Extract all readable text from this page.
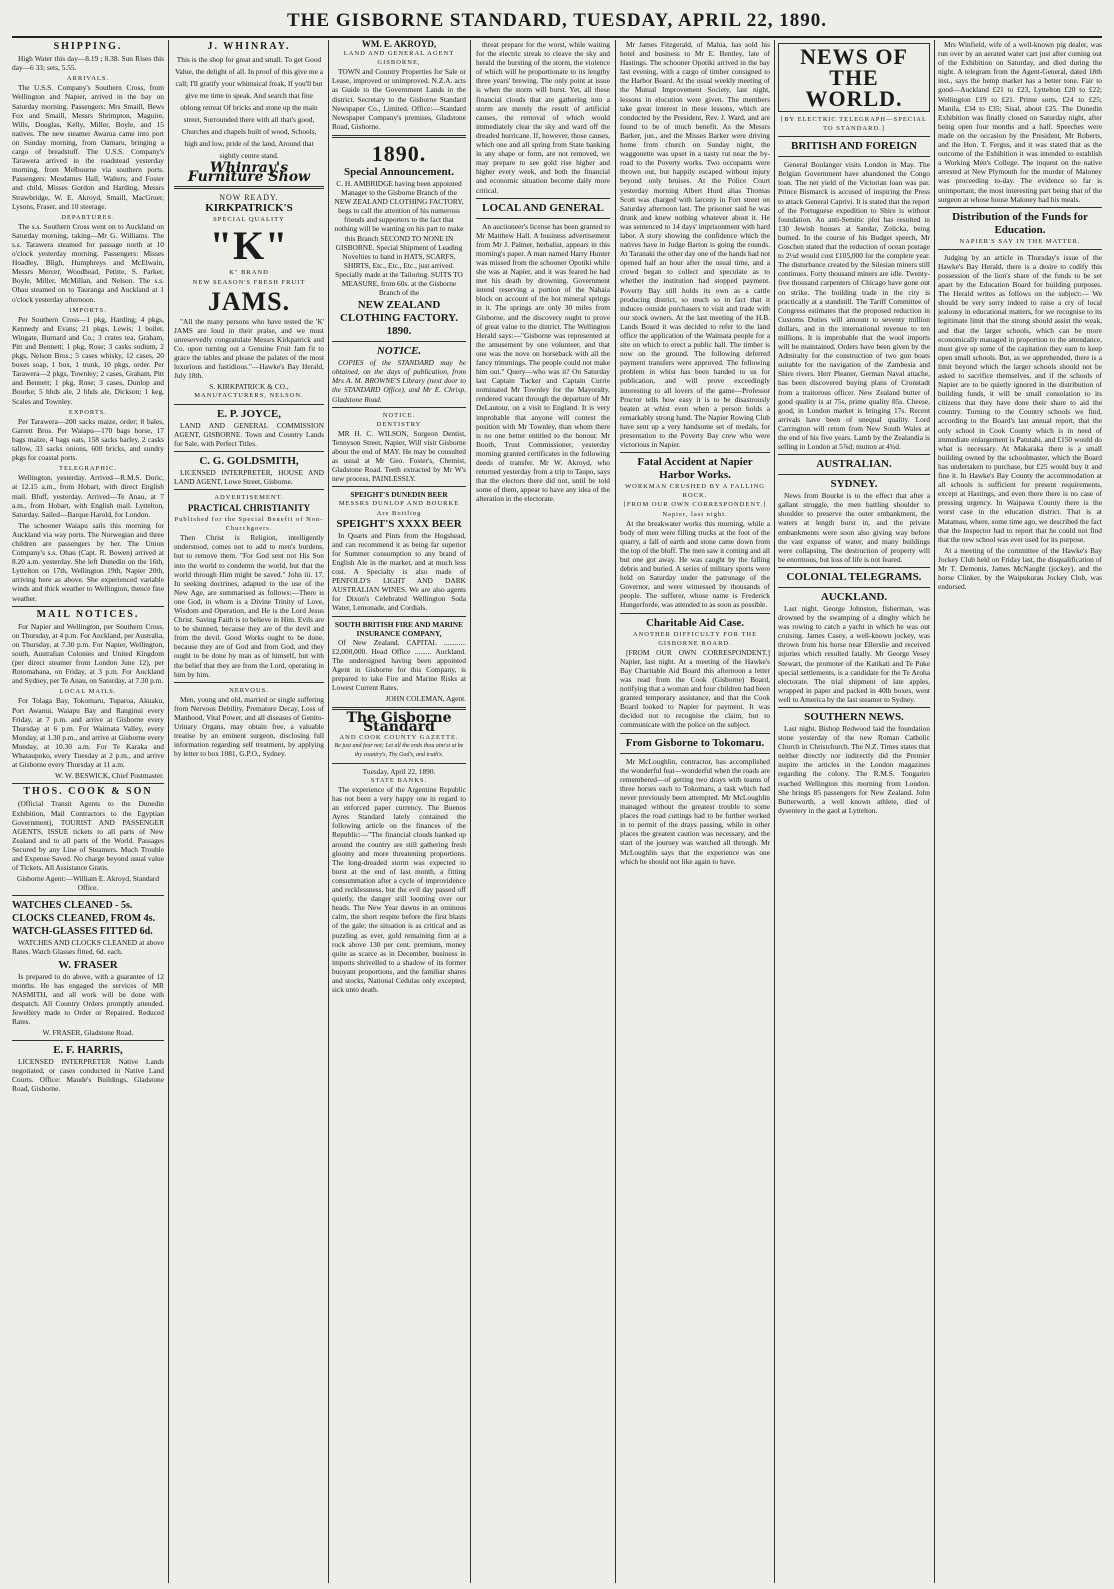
THE GISBORNE STANDARD, TUESDAY, APRIL 22, 1890.
SHIPPING.

High Water this day—8.19 ; 8.38. Sun Rises this day—6 33; sets, 5.55.

ARRIVALS.

The U.S.S. Company's Southern Cross, from Wellington and Napier, arrived in the bay on Saturday morning. Passengers: Mrs Smaill, Bews Fox and Smaill, Messrs Shrimpton, Maguire, Wills, Douglas, Kelly, Miller, Boyle, and 15 natives. The new steamer Awarua came into port on Sunday morning, from Oamaru, bringing a cargo of breadstuff. The U.S.S. Company's Tarawera arrived in the roadstead yesterday morning, from Melbourne via southern ports. Passengers: Mesdames Hall, Walters, and Foster and child, Misses Gordon and Harding, Messrs Strawbridge, W. E. Akroyd, Smaill, MacGruer, Lysons, Fraser, and 10 steerage.

DEPARTURES.

The s.s. Southern Cross went on to Auckland on Saturday morning, taking—Mr G. Williams. The s.s. Tarawera steamed for passage north at 10 o'clock yesterday morning. Passengers: Misses Hoadley, Bligh, Humphreys and McElwain, Messrs Mercer, Woodhead, Petitte, S. Parker, Boyle, Miller, McMillan, and Nelson. The s.s. Ohau steamed on to Tauranga and Auckland at 1 o'clock yesterday afternoon.

IMPORTS.

Per Southern Cross—1 pkg, Harding; 4 pkgs, Kennedy and Evans; 21 pkgs, Lewis; 1 boiler, Wingate, Burnard and Co.; 3 crates tea, Graham, Pitt and Bennett; 1 pkg, Rose; 3 casks sodium, 2 pkgs, Nelson Bros.; 5 cases whisky, 12 cases, 20 boxes soap, 1 box, 1 trunk, 10 pkgs, order. Per Tarawera—2 pkgs, Townley; 2 cases, Graham, Pitt and Bennett; 1 pkg, Rose; 3 cases, Dunlop and Bourke; 5 hhds ale, 2 hhds ale, Dickson; 1 keg, Scales and Townley.

EXPORTS.

Per Tarawera—200 sacks maize, order; 8 bales, Garrett Bros. Per Waiapu—170 bags horse, 17 bags maize, 4 bags oats, 158 sacks barley, 2 casks tallow, 33 sacks onions, 600 bricks, and sundry pkgs for coastal ports.

TELEGRAPHIC.

Wellington, yesterday. Arrived—R.M.S. Doric, at 12.15 a.m., from Hobart, with direct English mail. Bluff, yesterday. Arrived—Te Anau, at 7 a.m., from Hobart, with English mail. Lyttelton, Saturday. Sailed—Barque Harold, for London.

The schooner Waiapu sails this morning for Auckland via way ports. The Norwegian and three children are passengers by her. The Union Company's s.s. Ohau (Capt. R. Bowen) arrived at 8.20 a.m. yesterday. She left Dunedin on the 16th, Lyttelton on 17th, Wellington 19th, Napier 20th, arriving here as above. She experienced variable winds and thick weather to Wellington, thence fine weather.

MAIL NOTICES.

For Napier and Wellington, per Southern Cross, on Thursday, at 4 p.m. For Auckland, per Australia, on Thursday, at 7.30 p.m. For Napier, Wellington, south, Australian Colonies and United Kingdom (per direct steamer from London June 12), per Rotomahana, on Friday, at 3 p.m. For Auckland and Sydney, per Te Anau, on Saturday, at 7.30 p.m.

LOCAL MAILS.

For Tolaga Bay, Tokomaru, Tuparoa, Akuaku, Port Awanui, Waiapu Bay and Ranginui every Friday, at 7 p.m. and arrive at Gisborne every Thursday at 6 p.m. For Waimata Valley, every Monday, at 1.30 p.m., and arrive at Gisborne every Monday, at 10.30 a.m. For Te Karaka and Whataupoko, every Tuesday at 2 p.m., and arrive at Gisborne every Thursday at 11 a.m.

W. W. BESWICK, Chief Postmaster.
THOS. COOK & SON

(Official Transit Agents to the Dunedin Exhibition, Mail Contractors to the Egyptian Government), TOURIST AND PASSENGER AGENTS, ISSUE tickets to all parts of New Zealand and to all parts of the World. Passages Secured by any Line of Steamers. Much Trouble and Expense Saved. No charge beyond usual value of Tickets. All Assistance Gratis.

Gisborne Agent:—William E. Akroyd, Standard Office.
WATCHES CLEANED - 5s.
CLOCKS CLEANED, FROM 4s.
WATCH-GLASSES FITTED 6d.

WATCHES AND CLOCKS CLEANED at above Rates. Watch Glasses fitted, 6d. each.

W. FRASER

Is prepared to do above, with a guarantee of 12 months. He has engaged the services of MR NASMITH, and all work will be done with despatch. All Country Orders promptly attended. Jewellery made to Order or Repaired. Reduced Rates.

W. FRASER, Gladstone Road.
E. F. HARRIS,

LICENSED INTERPRETER Native Lands negotiated, or cases conducted in Native Land Courts. Office: Maude's Buildings, Gladstone Road, Gisborne.

J. WHINRAY.

This is the shop for great and small. To get Good Value, the delight of all. In proof of this give me a call; I'll gratify your whimsical freak, If you'll but give me time to speak. And search that fine oblong retreat Of bricks and stone up the main street, Surrounded there with all that's good, Churches and chapels built of wood, Schools, high and low, pride of the land, Around that sightly centre stand.

Whinray's Furniture Show
NOW READY.
KIRKPATRICK'S
SPECIAL QUALITY
"K"
K" BRAND
NEW SEASON'S FRESH FRUIT
JAMS.

"All the many persons who have tested the 'K' JAMS are loud in their praise, and we must unreservedly congratulate Messrs Kirkpatrick and Co. upon turning out a Genuine Fruit Jam fit to grace the tables and please the palates of the most luxurious and fastidious."—Hawke's Bay Herald, July 18th.

S. KIRKPATRICK & CO.,
MANUFACTURERS, NELSON.
E. P. JOYCE,

LAND AND GENERAL COMMISSION AGENT, GISBORNE. Town and Country Lands for Sale, with Perfect Titles.

C. G. GOLDSMITH,

LICENSED INTERPRETER, HOUSE AND LAND AGENT, Lowe Street, Gisborne.

ADVERTISEMENT.
PRACTICAL CHRISTIANITY
Published for the Special Benefit of Non-Churchgoers.

Then Christ is Religion, intelligently understood, comes not to add to men's burdens, but to remove them. "For God sent not His Son into the world to condemn the world, but that the world through Him might be saved." John iii. 17. In seeking doctrines, adapted to the use of the New Age, are summarised as follows:—There is one God, in whom is a Divine Trinity of Love, Wisdom and Operation, and He is the Lord Jesus Christ. Saving Faith is to believe in Him. Evils are to be shunned, because they are of the devil and from the devil. Good Works ought to be done, because they are of God and from God, and they ought to be done by man as of himself, but with the belief that they are from the Lord, operating in him by him.

NERVOUS.

Men, young and old, married or single suffering from Nervous Debility, Premature Decay, Loss of Manhood, Vital Power, and all diseases of Genito-Urinary Organs, may obtain free, a valuable treatise by an eminent surgeon, disclosing full information regarding self treatment, by applying by letter to box 1081, G.P.O., Sydney.

WM. E. AKROYD,
LAND AND GENERAL AGENT GISBORNE,

TOWN and Country Properties for Sale or Lease, improved or unimproved. N.Z.A. acts as Guide to the Government Lands in the district. Secretary to the Gisborne Standard Newspaper Co., Limited. Office:—Standard Newspaper Company's premises, Gladstone Road, Gisborne.

1890.
Special Announcement.

C. H. AMBRIDGE having been appointed Manager to the Gisborne Branch of the NEW ZEALAND CLOTHING FACTORY, begs to call the attention of his numerous friends and supporters to the fact that nothing will be wanting on his part to make this Branch SECOND TO NONE IN GISBORNE. Special Shipment of Leading Novelties to hand in HATS, SCARFS, SHIRTS, Etc., Etc., Etc., just arrived. Specially made at the Tailoring. SUITS TO MEASURE, from 60s. at the Gisborne Branch of the

NEW ZEALAND CLOTHING FACTORY. 1890.
NOTICE.

COPIES of the STANDARD may be obtained, on the days of publication, from Mrs A. M. BROWNE'S Library (next door to the STANDARD Office), and Mr E. Chrisp, Gladstone Road.

NOTICE.
DENTISTRY

MR H. C. WILSON, Surgeon Dentist, Tennyson Street, Napier, Will visit Gisborne about the end of MAY. He may be consulted as usual at Mr Geo. Foster's, Chemist, Gladstone Road. Teeth extracted by Mr W's new process, PAINLESSLY.

SPEIGHT'S DUNEDIN BEER
MESSRS DUNLOP AND BOURKE Are Bottling
SPEIGHT'S XXXX BEER

In Quarts and Pints from the Hogshead, and can recommend it as being far superior for Summer consumption to any brand of English Ale in the market, and at much less cost. A Specialty is also made of PENFOLD'S LIGHT AND DARK AUSTRALIAN WINES. We are also agents for Dixon's Celebrated Wellington Soda Water, Lemonade, and Cordials.

SOUTH BRITISH FIRE AND MARINE INSURANCE COMPANY,

Of New Zealand. CAPITAL ............ £2,000,000. Head Office ......... Auckland. The undersigned having been appointed Agent in Gisborne for this Company, is prepared to take Fire and Marine Risks at Lowest Current Rates.

JOHN COLEMAN, Agent.
The Gisborne Standard
AND COOK COUNTY GAZETTE.
Be just and fear not; Let all the ends thou aim'st at be thy country's, Thy God's, and truth's.
Tuesday, April 22, 1890.
STATE BANKS.

The experience of the Argentine Republic has not been a very happy one in regard to an enforced paper currency. The Buenos Ayres Standard lately contained the following article on the finances of the Republic:—"The financial clouds banked up around the country are still gathering fresh gloomy and more threatening proportions. The long-dreaded storm was expected to burst at the end of last month, a fitting consummation after a cycle of improvidence and recklessness, but the evil day passed off quietly, the danger still looming over our heads. The New Year dawns in an ominous calm, the short respite before the first blasts of the gale; the situation is as critical and as puzzling as ever, gold remaining firm at a rock above 130 per cent. premium, money quite as scarce as in December, business in imports shrivelled to a shadow of its former buoyant proportions, and the familiar shares and stocks, National Cedulas only excepted, sick unto death.

threat prepare for the worst, while waiting for the electric streak to cleave the sky and herald the bursting of the storm, the violence of which will be proportionate to its lengthy three years' brewing. The only point at issue is when the storm will burst. Yet, all these financial clouds that are gathering into a storm are merely the result of artificial causes, the removal of which would immediately clear the sky and ward off the dreaded hurricane. If, however, those causes, which one and all spring from State banking in any shape or form, are not removed, we may prepare to see gold rise higher and higher every week, and both the financial and economic situation become daily more critical.

LOCAL AND GENERAL

An auctioneer's license has been granted to Mr Matthew Hall. A business advertisement from Mr J. Palmer, herbalist, appears in this morning's paper. A man named Harry Hunter was missed from the schooner Opotiki while she was at Napier, and it was feared he had met his death by drowning. Government intend reserving a portion of the Nahaia block on account of the hot mineral springs in it. The springs are only 30 miles from Gisborne, and the discovery ought to prove of great value to the district. The Wellington Herald says:—"Gisborne was represented at the amusement by one volunteer, and that one was the nove on horseback with all the fancy trimmings. The people could not make him out." Query—who was it? On Saturday last Captain Tucker and Captain Currie nominated Mr Townley for the Mayoralty, rendered vacant through the departure of Mr DeLautour, on a visit to England. It is very improbable that anyone will contest the position with Mr Townley, than whom there is no one better entitled to the honour. Mr Booth, Trust Commissioner, yesterday morning granted certificates in the following deeds of transfer. Mr W. Akroyd, who returned yesterday from a trip to Taupo, says that the electors there did not, until he told some of them, appear to have any idea of the alteration in the electorate.

Mr James Fitzgerald, of Mahia, has sold his hotel and business to Mr E. Bentley, late of Hastings. The schooner Opotiki arrived in the bay last evening, with a cargo of timber consigned to the Harbor Board. At the usual weekly meeting of the Mutual Improvement Society, last night, lessons in elocution were given. The members take great interest in these lessons, which are conducted by the President, Rev. J. Ward, and are found to be of much benefit. As the Messrs Barker, jun., and the Misses Barker were driving home from church on Sunday night, the waggonette was upset in a nasty rut near the by-road to the Poverty works. Two occupants were thrown out, but happily escaped without injury beyond only bruises. At the Police Court yesterday morning Albert Hurd alias Thomas Scott was charged with larceny in Fort street on Saturday afternoon last. The prisoner said he was drunk and knew nothing whatever about it. He was sentenced to 14 days' imprisonment with hard labor. A story showing the confidence which the natives have in Judge Barton is going the rounds. At Taranaki the other day one of the hands had not opened half an hour after the usual time, and a crowd began to collect and speculate as to whether the institution had stopped payment. Poverty Bay still holds its own as a cattle producing district, so much so in fact that it induces outside purchasers to visit and trade with our stock owners. At the last meeting of the H.B. Lands Board it was decided to refer to the land office the application of the Waimata people for a site on which to erect a public hall. The timber is now on the ground. The following deferred payment transfers were approved. The following problem in whist has been handed to us for publication, and will prove exceedingly interesting to all lovers of the game—Professor Proctor tells how easy it is to be disastrously beaten at whist even when a person holds a remarkably strong hand. The Napier Rowing Club have sent up a very handsome set of medals, for presentation to the Poverty Bay crew who were victorious in Napier.

Fatal Accident at Napier Harbor Works.
WORKMAN CRUSHED BY A FALLING ROCK.
[FROM OUR OWN CORRESPONDENT.] Napier, last night.

At the breakwater works this morning, while a body of men were filling trucks at the foot of the quarry, a fall of earth and stone came down from the top of the bluff. The men saw it coming and all but one got away. He was caught by the falling debris and buried. A series of military sports were held on Saturday under the patronage of the Governor, and were witnessed by thousands of people. The sufferer, whose name is Frederick Hungerforde, was attended to as soon as possible.

Charitable Aid Case.
ANOTHER DIFFICULTY FOR THE GISBORNE BOARD.

[FROM OUR OWN CORRESPONDENT.] Napier, last night. At a meeting of the Hawke's Bay Charitable Aid Board this afternoon a letter was read from the Cook (Gisborne) Board, notifying that a woman and four children had been granted temporary assistance, and that the Cook Board looked to Napier for payment. It was decided not to recognise the claim, but to communicate with the police on the subject.

From Gisborne to Tokomaru.

Mr McLoughlin, contractor, has accomplished the wonderful feat—wonderful when the roads are remembered—of getting two drays with teams of three horses each to Tokomaru, a task which had never previously been attempted. Mr McLoughlin managed without the greatest trouble to some places the road cuttings had to be further worked in to permit of the drays passing, while in other places the greatest caution was necessary, and the start of the journey was watched all through. Mr McLoughlin says that the experience was one which he should not like again to have.

NEWS OF THE WORLD.
[BY ELECTRIC TELEGRAPH—SPECIAL TO STANDARD.]
BRITISH AND FOREIGN

General Boulanger visits London in May. The Belgian Government have abandoned the Congo loan. The net yield of the Victorian loan was par. Prince Bismarck is accused of inspiring the Press to attack General Caprivi. It is stated that the report of the Portuguese expedition to Shire is without foundation. An anti-Semitic plot has resulted in 130 Jewish houses at Sandar, Zolicka, being burned. In the course of his Budget speech, Mr Goschen stated that the reduction of ocean postage to 2½d would cost £105,000 for the complete year. The disturbance created by the Silesian miners still continues. Forty thousand miners are idle. Twenty-five thousand carpenters of Chicago have gone out on strike. The building trade in the city is practically at a standstill. The Tariff Committee of Congress estimates that the proposed reduction in Customs Duties will amount to seventy million dollars, and in the international revenue to ten millions. It is improbable that the wool imports will be maintained. Orders have been given by the Admiralty for the construction of two gun boats suitable for the navigation of the Zambesia and Shire rivers. Herr Pleaner, German Naval attache, has been discovered buying plans of Cronstadt from a traitorous officer. New Zealand butter of good quality is at 75s, prime quality 85s. Cheese, good, in London market is bringing 17s. Recent arrivals have been of unequal quality. Lord Carrington will return from New South Wales at the end of his five years. Lamb by the Zealandia is selling in London at 5⅞d; mutton at 4¾d.

AUSTRALIAN.
SYDNEY.

News from Bourke is to the effect that after a gallant struggle, the men battling shoulder to shoulder to preserve the outer embankment, the waters at length burst in, and the private embankments were soon also giving way before the vast expanse of water, and many buildings were collapsing. The destruction of property will be enormous, but loss of life is not feared.

COLONIAL TELEGRAMS.
AUCKLAND.

Last night. George Johnston, fisherman, was drowned by the swamping of a dinghy which he was rowing to catch a yacht in which he was out cruising. James Casey, a well-known jockey, was thrown from his horse near Ellerslie and received injuries which resulted fatally. Mr George Vesey Stewart, the promoter of the Katikati and Te Puke special settlements, is a candidate for the Te Aroha electorate. The trial shipment of late apples, wrapped in paper and packed in 40lb boxes, went well to America by the last steamer to Sydney.

SOUTHERN NEWS.

Last night. Bishop Redwood laid the foundation stone yesterday of the new Roman Catholic Church in Christchurch. The N.Z. Times states that neither directly nor indirectly did the Premier inspire the articles in the London magazines regarding the colony. The R.M.S. Tongariro reached Wellington this morning from London. She brings 85 passengers for New Zealand. John Butterworth, a well known athlete, died of dysentery in the gaol at Lyttelton.

Mrs Winfield, wife of a well-known pig dealer, was run over by an aerated water cart just after coming out of the Exhibition on Saturday, and died during the night. A telegram from the Agent-General, dated 18th inst., says the hemp market has a better tone. Fair to good—Auckland £21 to £23, Lyttelton £20 to £22; Wellington £19 to £21. Prime sorts, £24 to £25; Manila, £34 to £35; Sisal, about £25. The Dunedin Exhibition was finally closed on Saturday night, after being open four months and a half. Speeches were made on the occasion by the President, Mr Roberts, and the Hon. T. Fergus, and it was stated that as the outcome of the Exhibition it was intended to establish a Working Men's College. The inquest on the native arrested at New Plymouth for the murder of Maloney was proceeding to-day. The evidence so far is unimportant, the most interesting part being that of the surgeon at whose house Maloney had his meals.

Distribution of the Funds for Education.
NAPIER'S SAY IN THE MATTER.

Judging by an article in Thursday's issue of the Hawke's Bay Herald, there is a desire to codify this possession of the lion's share of the funds to be set apart by the Education Board for building purposes. The Herald writes as follows on the subject:— We should be very sorry indeed to raise a cry of local jealousy in educational matters, for we recognise to its legitimate limit that the strong should assist the weak, and that the larger schools, which can be more economically managed in proportion to the attendance, must give up some of the capitation they earn to keep open small schools. But, as we apprehended, there is a limit beyond which the larger schools should not be asked to sacrifice themselves, and if the schools of Napier are to be quietly ignored in the distribution of building funds, it will be small consolation to its citizens that they have done their share to aid the country. Turning to the Country schools we find, according to the Board's last annual report, that the only school in Cook County which is in need of immediate enlargement is Patutahi, and £150 would do what is necessary. At Makaraka there is a small building owned by the schoolmaster, which the Board has undertaken to purchase, but £25 would buy it and fine it. In Hawke's Bay County the accommodation at all schools is sufficient for present requirements, except at Hastings, and even there there is no case of pressing urgency. In Waipawa County there is the worst case in the education district. That is at Matamau, where, some time ago, we described the fact that the Inspector had to report that he could not find that the new school was ever used for its purpose.

At a meeting of the committee of the Hawke's Bay Jockey Club held on Friday last, the disqualification of Mr T. Demonis, James McNaught (jockey), and the horse Clinker, by the Waipukurau Jockey Club, was endorsed.
